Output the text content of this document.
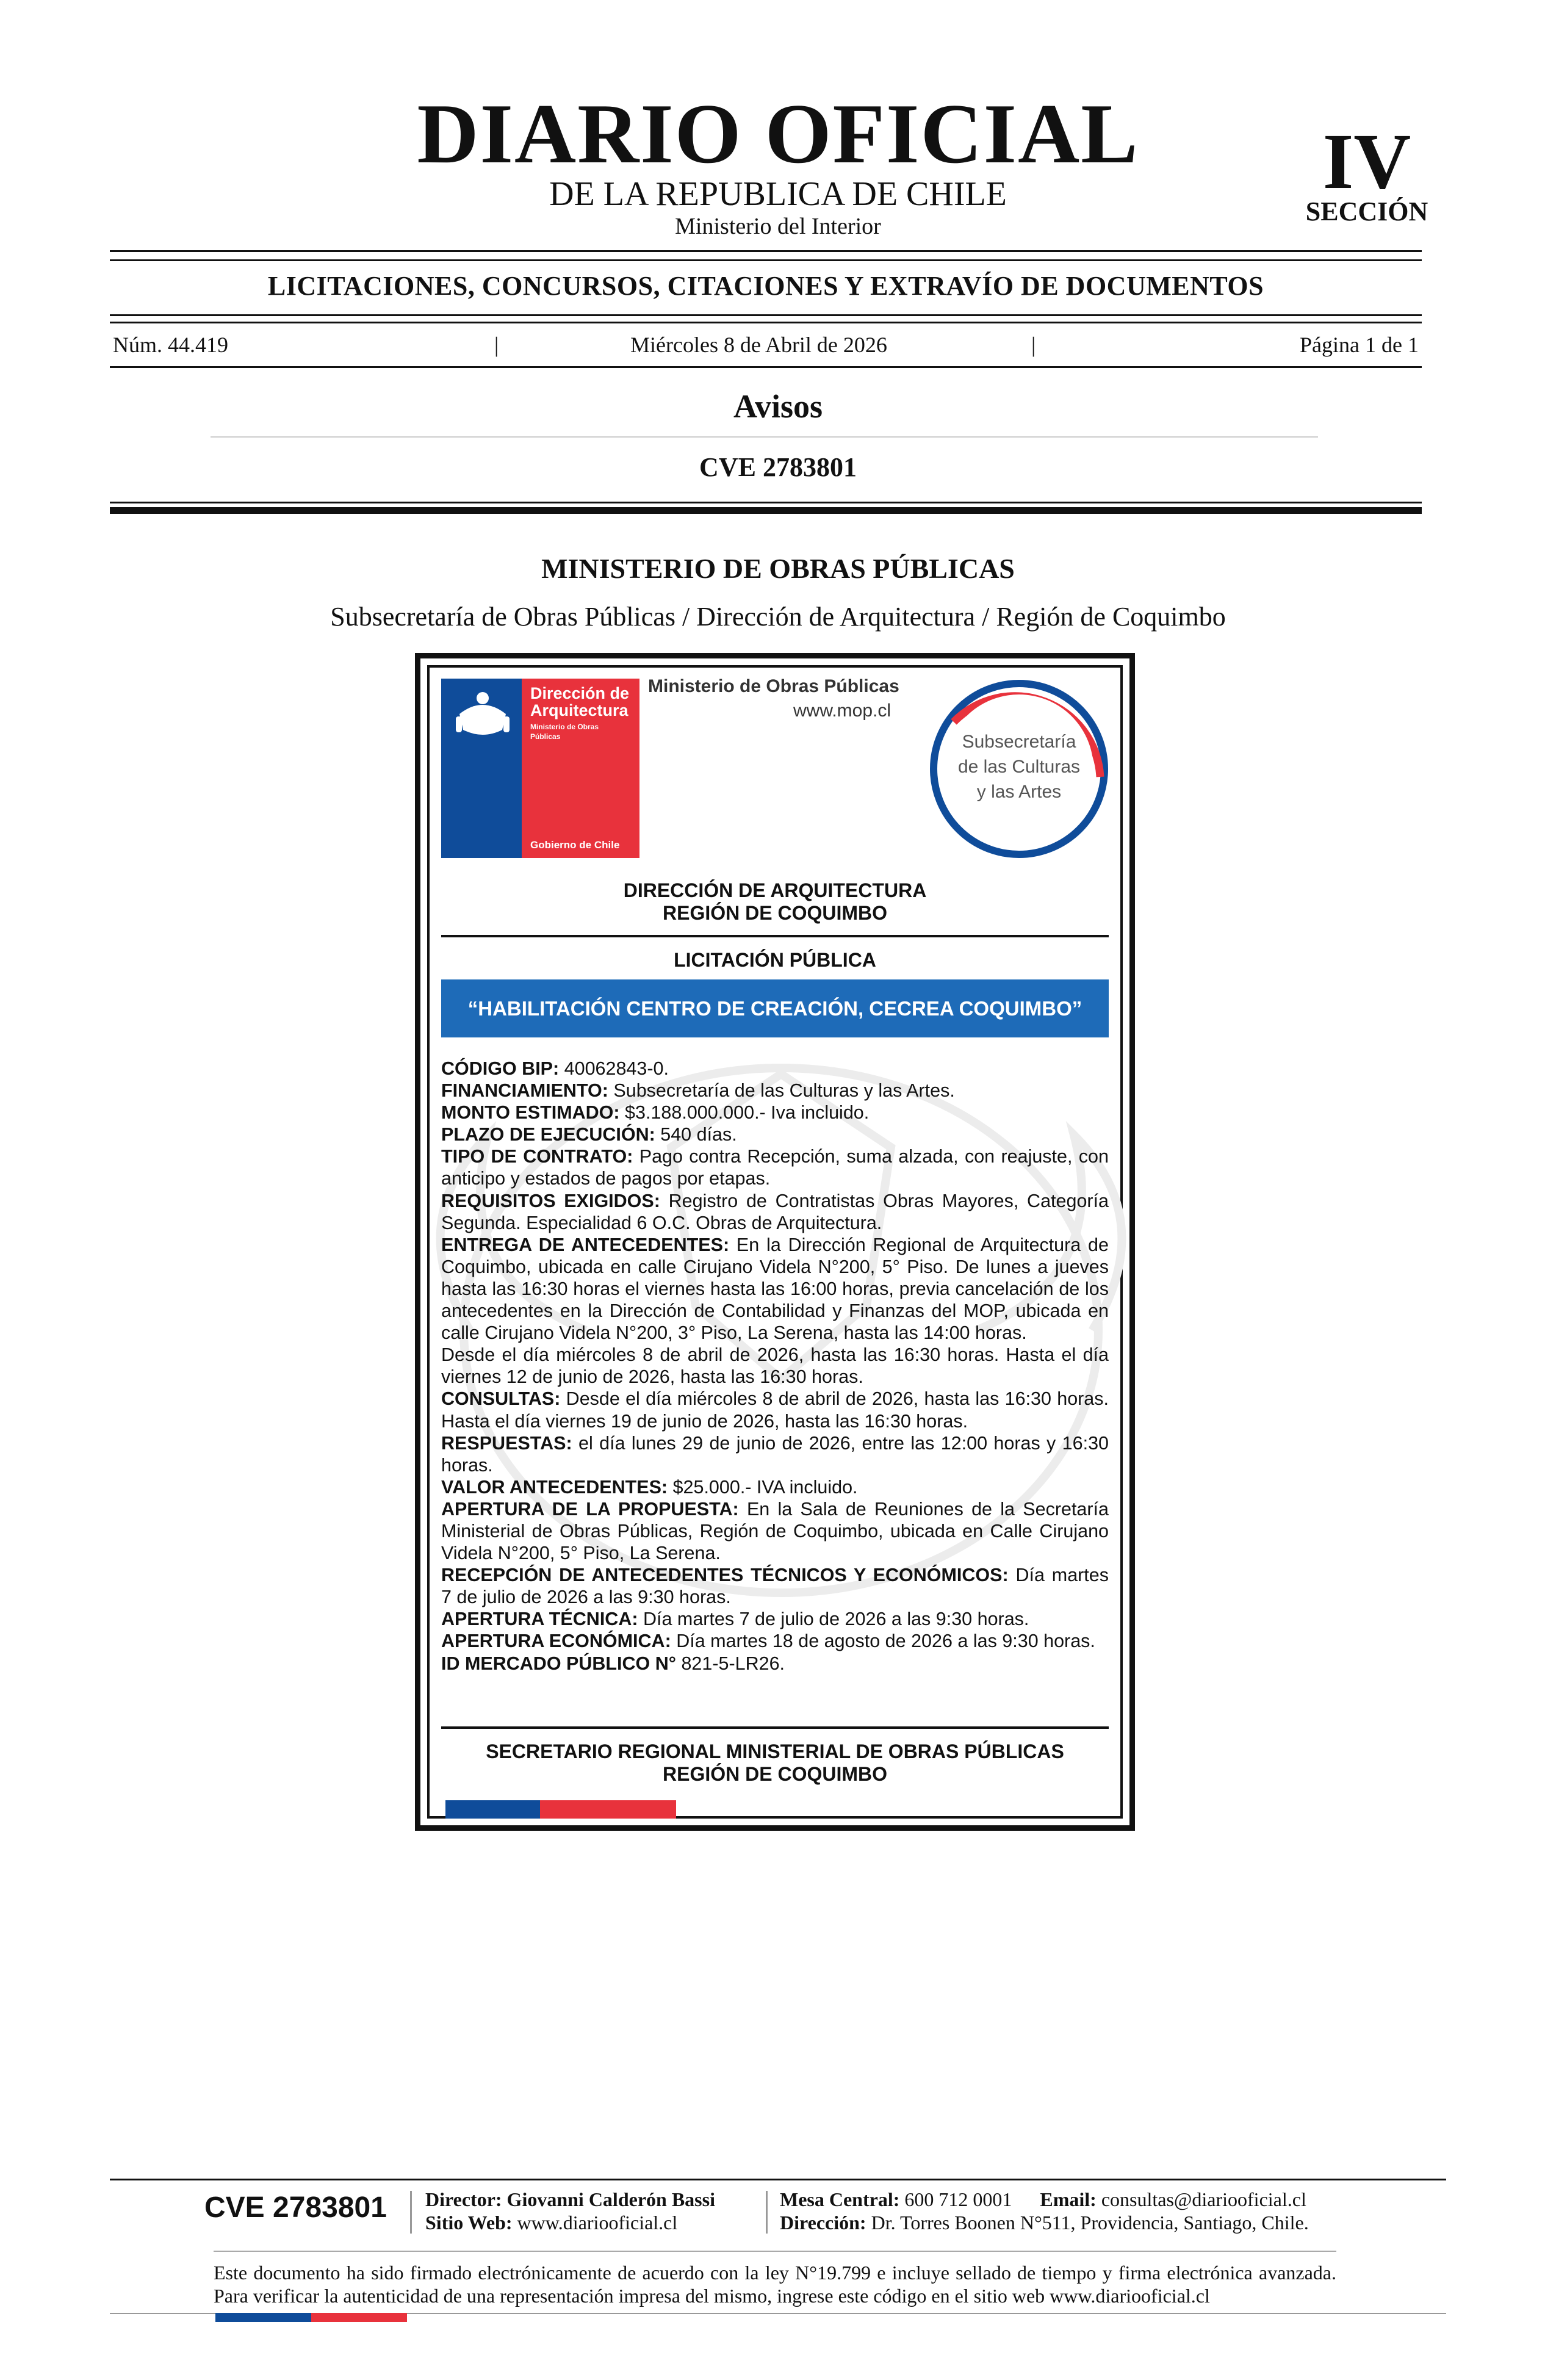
DIARIO OFICIAL
DE LA REPUBLICA DE CHILE
Ministerio del Interior
IV
SECCIÓN
LICITACIONES, CONCURSOS, CITACIONES Y EXTRAVÍO DE DOCUMENTOS
Núm. 44.419	|	Miércoles 8 de Abril de 2026	|	Página 1 de 1
Avisos
CVE 2783801
MINISTERIO DE OBRAS PÚBLICAS
Subsecretaría de Obras Públicas / Dirección de Arquitectura / Región de Coquimbo
Dirección de
Arquitectura
Ministerio de Obras
Públicas
Gobierno de Chile
Ministerio de Obras Públicas
www.mop.cl
Subsecretaría
de las Culturas
y las Artes
DIRECCIÓN DE ARQUITECTURA
REGIÓN DE COQUIMBO
LICITACIÓN PÚBLICA
“HABILITACIÓN CENTRO DE CREACIÓN, CECREA COQUIMBO”

CÓDIGO BIP: 40062843-0.

FINANCIAMIENTO: Subsecretaría de las Culturas y las Artes.

MONTO ESTIMADO: $3.188.000.000.- Iva incluido.

PLAZO DE EJECUCIÓN: 540 días.

TIPO DE CONTRATO: Pago contra Recepción, suma alzada, con reajuste, con anticipo y estados de pagos por etapas.

REQUISITOS EXIGIDOS: Registro de Contratistas Obras Mayores, Categoría Segunda. Especialidad 6 O.C. Obras de Arquitectura.

ENTREGA DE ANTECEDENTES: En la Dirección Regional de Arquitectura de Coquimbo, ubicada en calle Cirujano Videla N°200, 5° Piso. De lunes a jueves hasta las 16:30 horas el viernes hasta las 16:00 horas, previa cancelación de los antecedentes en la Dirección de Contabilidad y Finanzas del MOP, ubicada en calle Cirujano Videla N°200, 3° Piso, La Serena, hasta las 14:00 horas.

Desde el día miércoles 8 de abril de 2026, hasta las 16:30 horas. Hasta el día viernes 12 de junio de 2026, hasta las 16:30 horas.

CONSULTAS: Desde el día miércoles 8 de abril de 2026, hasta las 16:30 horas. Hasta el día viernes 19 de junio de 2026, hasta las 16:30 horas.

RESPUESTAS: el día lunes 29 de junio de 2026, entre las 12:00 horas y 16:30 horas.

VALOR ANTECEDENTES: $25.000.- IVA incluido.

APERTURA DE LA PROPUESTA: En la Sala de Reuniones de la Secretaría Ministerial de Obras Públicas, Región de Coquimbo, ubicada en Calle Cirujano Videla N°200, 5° Piso, La Serena.

RECEPCIÓN DE ANTECEDENTES TÉCNICOS Y ECONÓMICOS: Día martes 7 de julio de 2026 a las 9:30 horas.

APERTURA TÉCNICA: Día martes 7 de julio de 2026 a las 9:30 horas.

APERTURA ECONÓMICA: Día martes 18 de agosto de 2026 a las 9:30 horas.

ID MERCADO PÚBLICO N° 821-5-LR26.

SECRETARIO REGIONAL MINISTERIAL DE OBRAS PÚBLICAS
REGIÓN DE COQUIMBO
CVE 2783801 Director: Giovanni Calderón Bassi
Sitio Web: www.diariooficial.cl
Mesa Central: 600 712 0001 Email: consultas@diariooficial.cl
Dirección: Dr. Torres Boonen N°511, Providencia, Santiago, Chile.
Este documento ha sido firmado electrónicamente de acuerdo con la ley N°19.799 e incluye sellado de tiempo y firma electrónica avanzada. Para verificar la autenticidad de una representación impresa del mismo, ingrese este código en el sitio web www.diariooficial.cl
